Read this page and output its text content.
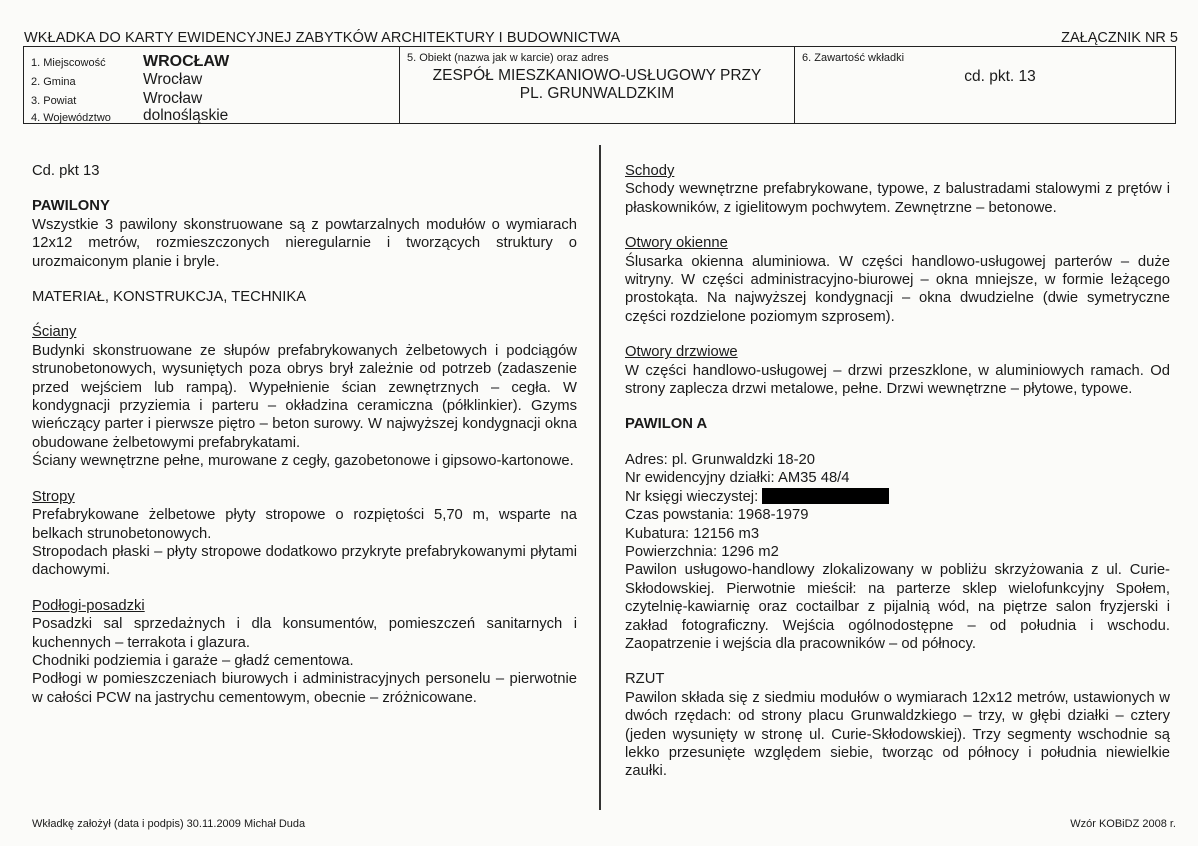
WKŁADKA DO KARTY EWIDENCYJNEJ ZABYTKÓW ARCHITEKTURY I BUDOWNICTWA	ZAŁĄCZNIK NR 5
1. Miejscowość WROCŁAW
2. Gmina	Wrocław
3. Powiat	Wrocław
4. Województwo dolnośląskie
5. Obiekt (nazwa jak w karcie) oraz adres
ZESPÓŁ MIESZKANIOWO-USŁUGOWY PRZY
PL. GRUNWALDZKIM
6. Zawartość wkładki
cd. pkt. 13

Cd. pkt 13

PAWILONY

Wszystkie 3 pawilony skonstruowane są z powtarzalnych modułów o wymiarach 12x12 metrów, rozmieszczonych nieregularnie i tworzących struktury o urozmaiconym planie i bryle.

MATERIAŁ, KONSTRUKCJA, TECHNIKA

Ściany

Budynki skonstruowane ze słupów prefabrykowanych żelbetowych i podciągów strunobetonowych, wysuniętych poza obrys brył zależnie od potrzeb (zadaszenie przed wejściem lub rampą). Wypełnienie ścian zewnętrznych – cegła. W kondygnacji przyziemia i parteru – okładzina ceramiczna (półklinkier). Gzyms wieńczący parter i pierwsze piętro – beton surowy. W najwyższej kondygnacji okna obudowane żelbetowymi prefabrykatami.

Ściany wewnętrzne pełne, murowane z cegły, gazobetonowe i gipsowo-kartonowe.

Stropy

Prefabrykowane żelbetowe płyty stropowe o rozpiętości 5,70 m, wsparte na belkach strunobetonowych.

Stropodach płaski – płyty stropowe dodatkowo przykryte prefabrykowanymi płytami dachowymi.

Podłogi-posadzki

Posadzki sal sprzedażnych i dla konsumentów, pomieszczeń sanitarnych i kuchennych – terrakota i glazura.

Chodniki podziemia i garaże – gładź cementowa.

Podłogi w pomieszczeniach biurowych i administracyjnych personelu – pierwotnie w całości PCW na jastrychu cementowym, obecnie – zróżnicowane.

Schody

Schody wewnętrzne prefabrykowane, typowe, z balustradami stalowymi z prętów i płaskowników, z igielitowym pochwytem. Zewnętrzne – betonowe.

Otwory okienne

Ślusarka okienna aluminiowa. W części handlowo-usługowej parterów – duże witryny. W części administracyjno-biurowej – okna mniejsze, w formie leżącego prostokąta. Na najwyższej kondygnacji – okna dwudzielne (dwie symetryczne części rozdzielone poziomym szprosem).

Otwory drzwiowe

W części handlowo-usługowej – drzwi przeszklone, w aluminiowych ramach. Od strony zaplecza drzwi metalowe, pełne. Drzwi wewnętrzne – płytowe, typowe.

PAWILON A

Adres: pl. Grunwaldzki 18-20

Nr ewidencyjny działki: AM35 48/4

Nr księgi wieczystej:

Czas powstania: 1968-1979

Kubatura: 12156 m3

Powierzchnia: 1296 m2

Pawilon usługowo-handlowy zlokalizowany w pobliżu skrzyżowania z ul. Curie-Skłodowskiej. Pierwotnie mieścił: na parterze sklep wielofunkcyjny Społem, czytelnię-kawiarnię oraz coctailbar z pijalnią wód, na piętrze salon fryzjerski i zakład fotograficzny. Wejścia ogólnodostępne – od południa i wschodu. Zaopatrzenie i wejścia dla pracowników – od północy.

RZUT

Pawilon składa się z siedmiu modułów o wymiarach 12x12 metrów, ustawionych w dwóch rzędach: od strony placu Grunwaldzkiego – trzy, w głębi działki – cztery (jeden wysunięty w stronę ul. Curie-Skłodowskiej). Trzy segmenty wschodnie są lekko przesunięte względem siebie, tworząc od północy i południa niewielkie zaułki.

Wkładkę założył (data i podpis) 30.11.2009 Michał Duda	Wzór KOBiDZ 2008 r.
